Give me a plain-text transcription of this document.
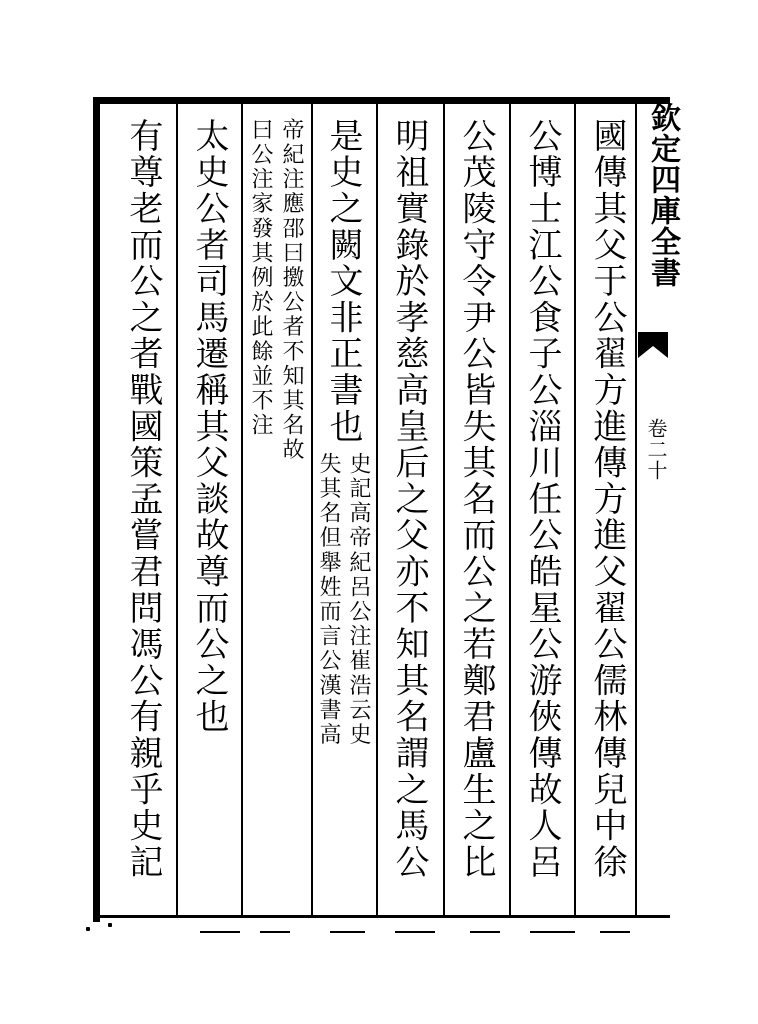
欽定四庫全書
卷二十
國傳其父于公翟方進傳方進父翟公儒林傳兒中徐
公博士江公食子公淄川任公皓星公游俠傳故人呂
公茂陵守令尹公皆失其名而公之若鄭君盧生之比
明祖實錄於孝慈高皇后之父亦不知其名謂之馬公
是史之闕文非正書也
史記高帝紀呂公注崔浩云史
失其名但舉姓而言公漢書高
帝紀注應邵曰撽公者不知其名故
曰公注家發其例於此餘並不注
太史公者司馬遷稱其父談故尊而公之也
有尊老而公之者戰國策孟嘗君問馮公有親乎史記
